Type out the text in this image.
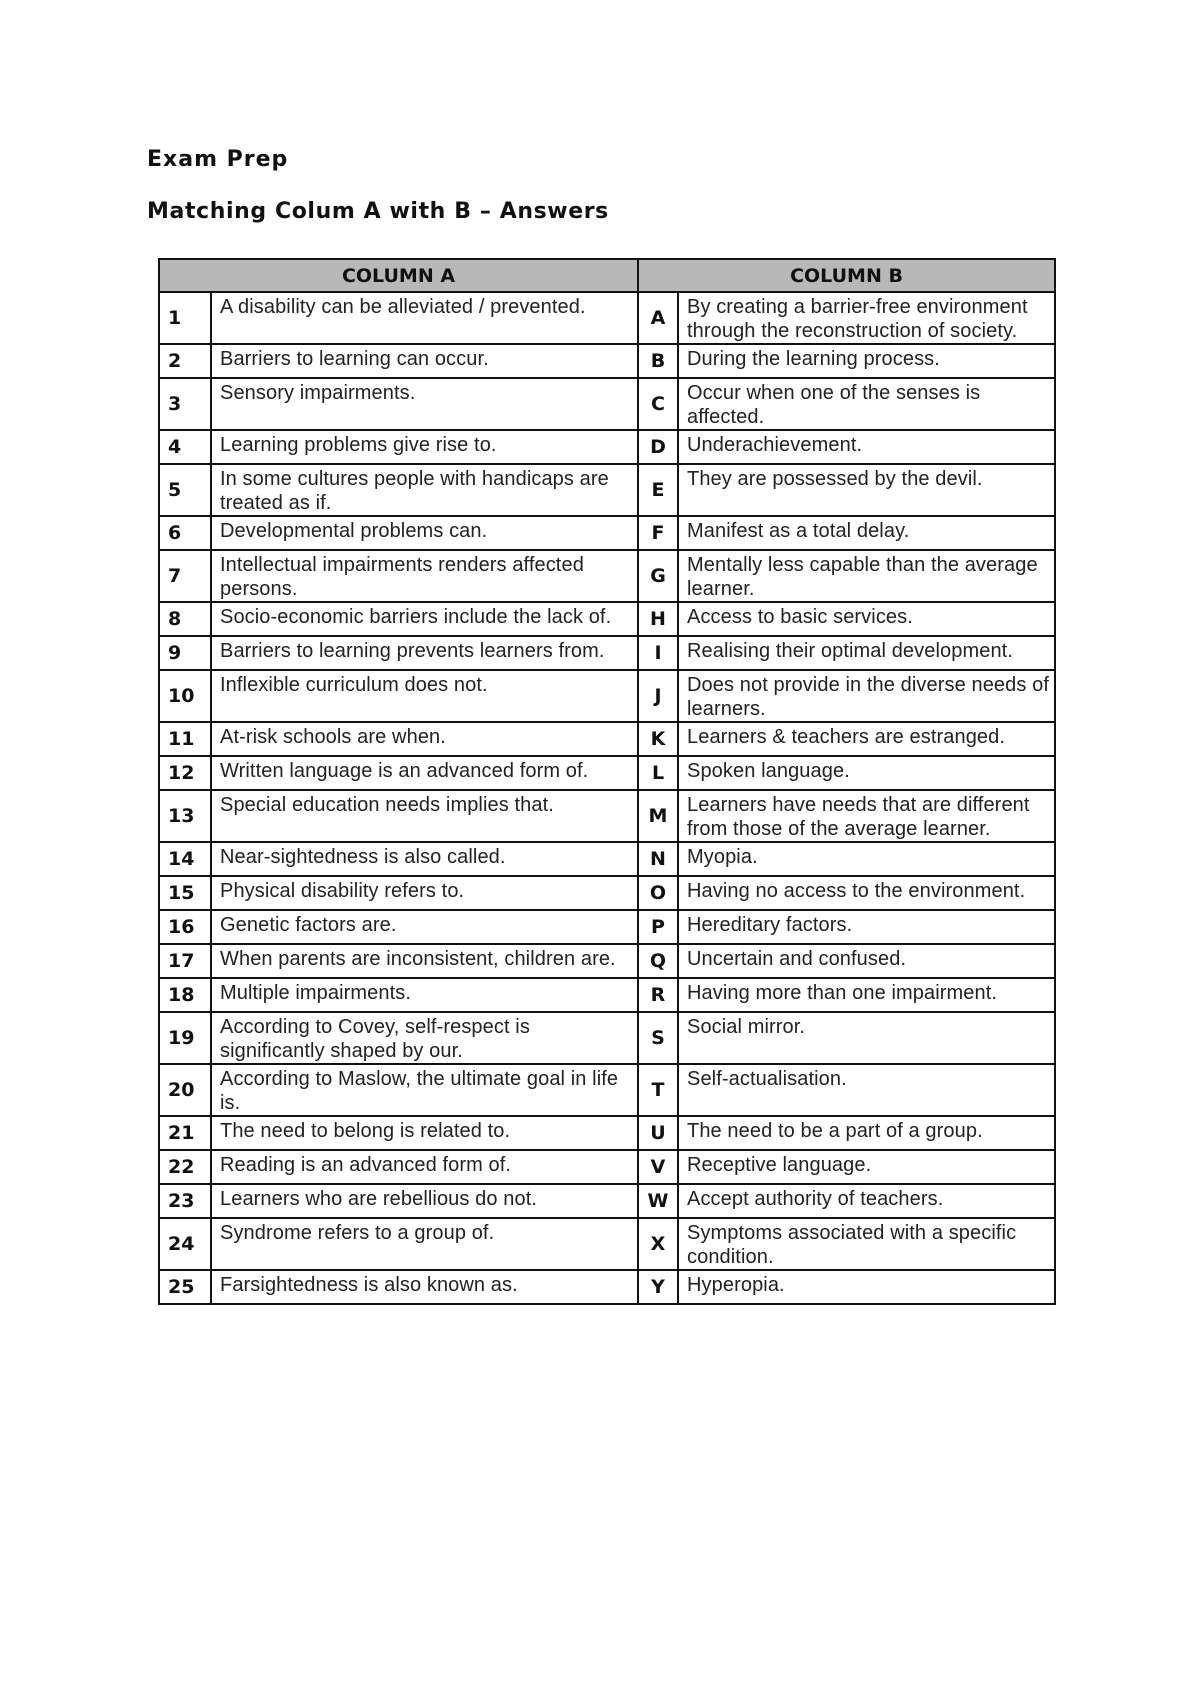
Exam Prep
Matching Colum A with B – Answers
COLUMN A		COLUMN B	
1	A disability can be alleviated / prevented.	A	By creating a barrier-free environment through the reconstruction of society.
2	Barriers to learning can occur.	B	During the learning process.
3	Sensory impairments.	C	Occur when one of the senses is affected.
4	Learning problems give rise to.	D	Underachievement.
5	In some cultures people with handicaps are treated as if.	E	They are possessed by the devil.
6	Developmental problems can.	F	Manifest as a total delay.
7	Intellectual impairments renders affected persons.	G	Mentally less capable than the average learner.
8	Socio-economic barriers include the lack of.	H	Access to basic services.
9	Barriers to learning prevents learners from.	I	Realising their optimal development.
10	Inflexible curriculum does not.	J	Does not provide in the diverse needs of learners.
11	At-risk schools are when.	K	Learners & teachers are estranged.
12	Written language is an advanced form of.	L	Spoken language.
13	Special education needs implies that.	M	Learners have needs that are different from those of the average learner.
14	Near-sightedness is also called.	N	Myopia.
15	Physical disability refers to.	O	Having no access to the environment.
16	Genetic factors are.	P	Hereditary factors.
17	When parents are inconsistent, children are.	Q	Uncertain and confused.
18	Multiple impairments.	R	Having more than one impairment.
19	According to Covey, self-respect is significantly shaped by our.	S	Social mirror.
20	According to Maslow, the ultimate goal in life is.	T	Self-actualisation.
21	The need to belong is related to.	U	The need to be a part of a group.
22	Reading is an advanced form of.	V	Receptive language.
23	Learners who are rebellious do not.	W	Accept authority of teachers.
24	Syndrome refers to a group of.	X	Symptoms associated with a specific condition.
25	Farsightedness is also known as.	Y	Hyperopia.
